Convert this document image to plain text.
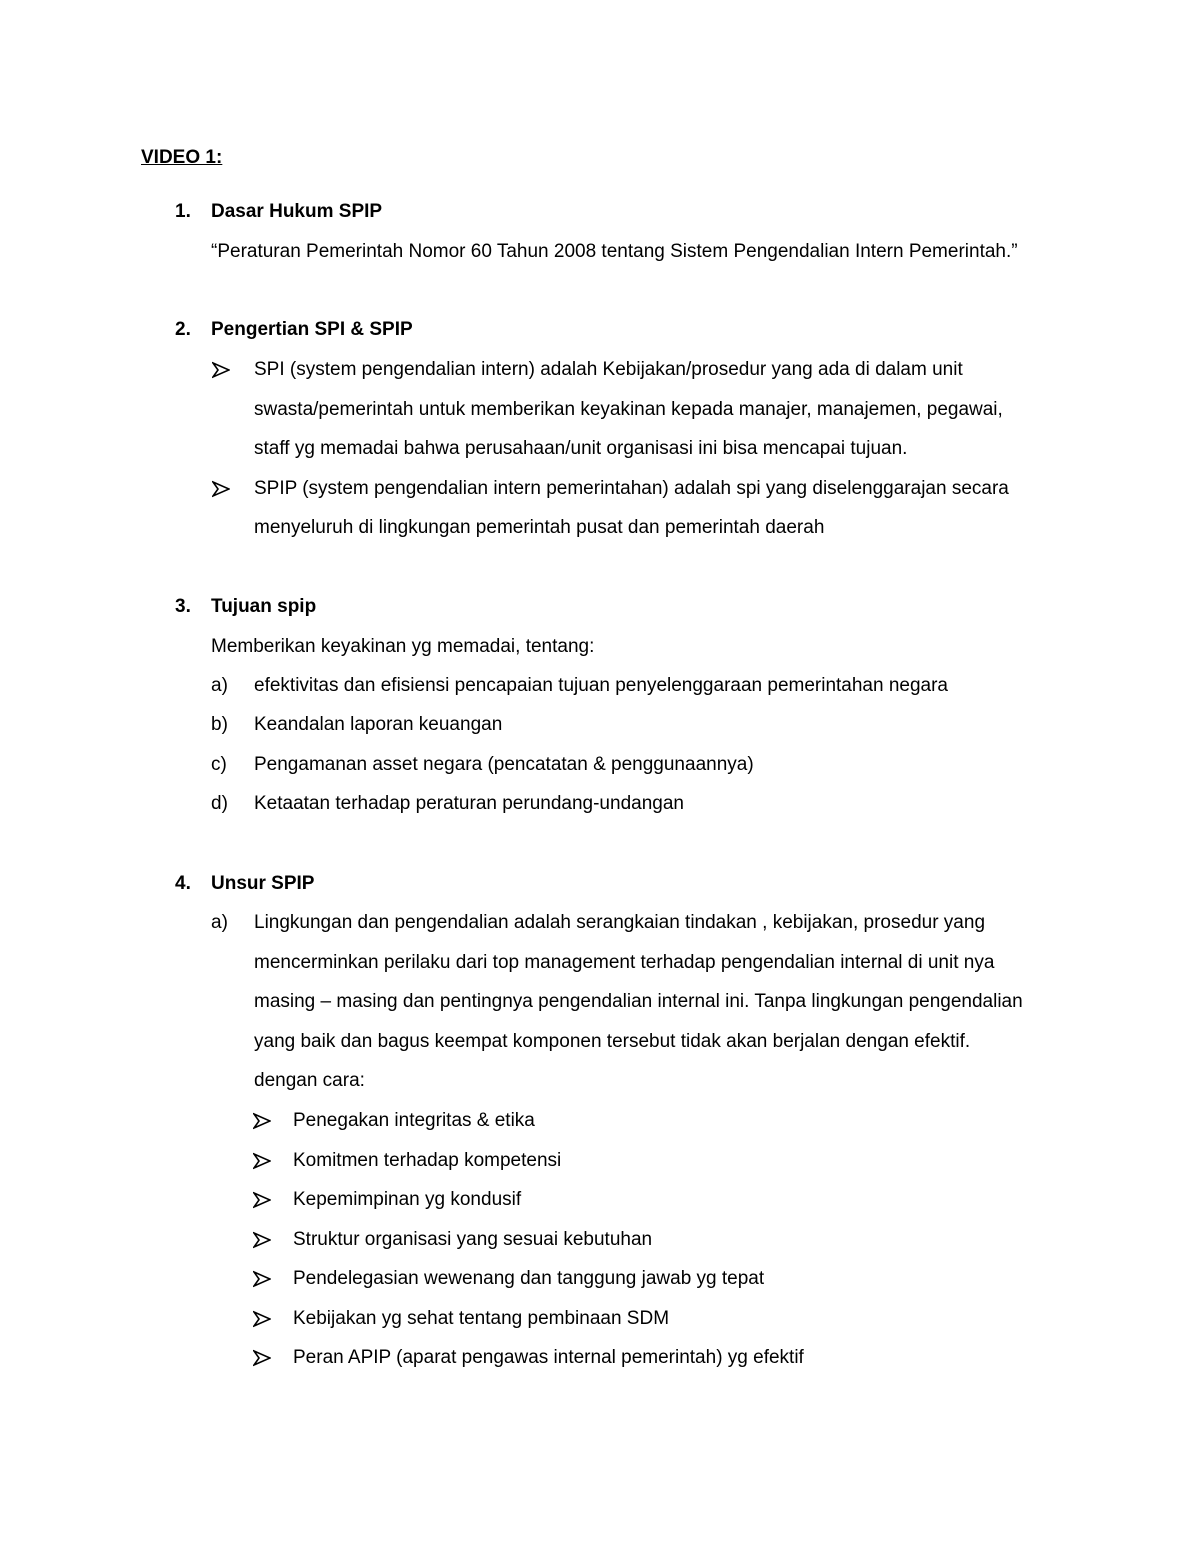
VIDEO 1:
1. Dasar Hukum SPIP
“Peraturan Pemerintah Nomor 60 Tahun 2008 tentang Sistem Pengendalian Intern Pemerintah.”
2. Pengertian SPI & SPIP
SPI (system pengendalian intern) adalah Kebijakan/prosedur yang ada di dalam unit
swasta/pemerintah untuk memberikan keyakinan kepada manajer, manajemen, pegawai,
staff yg memadai bahwa perusahaan/unit organisasi ini bisa mencapai tujuan.
SPIP (system pengendalian intern pemerintahan) adalah spi yang diselenggarajan secara
menyeluruh di lingkungan pemerintah pusat dan pemerintah daerah
3. Tujuan spip
Memberikan keyakinan yg memadai, tentang:
a) efektivitas dan efisiensi pencapaian tujuan penyelenggaraan pemerintahan negara
b) Keandalan laporan keuangan
c) Pengamanan asset negara (pencatatan & penggunaannya)
d) Ketaatan terhadap peraturan perundang-undangan
4. Unsur SPIP
a) Lingkungan dan pengendalian adalah serangkaian tindakan , kebijakan, prosedur yang
mencerminkan perilaku dari top management terhadap pengendalian internal di unit nya
masing – masing dan pentingnya pengendalian internal ini. Tanpa lingkungan pengendalian
yang baik dan bagus keempat komponen tersebut tidak akan berjalan dengan efektif.
dengan cara:
Penegakan integritas & etika
Komitmen terhadap kompetensi
Kepemimpinan yg kondusif
Struktur organisasi yang sesuai kebutuhan
Pendelegasian wewenang dan tanggung jawab yg tepat
Kebijakan yg sehat tentang pembinaan SDM
Peran APIP (aparat pengawas internal pemerintah) yg efektif
